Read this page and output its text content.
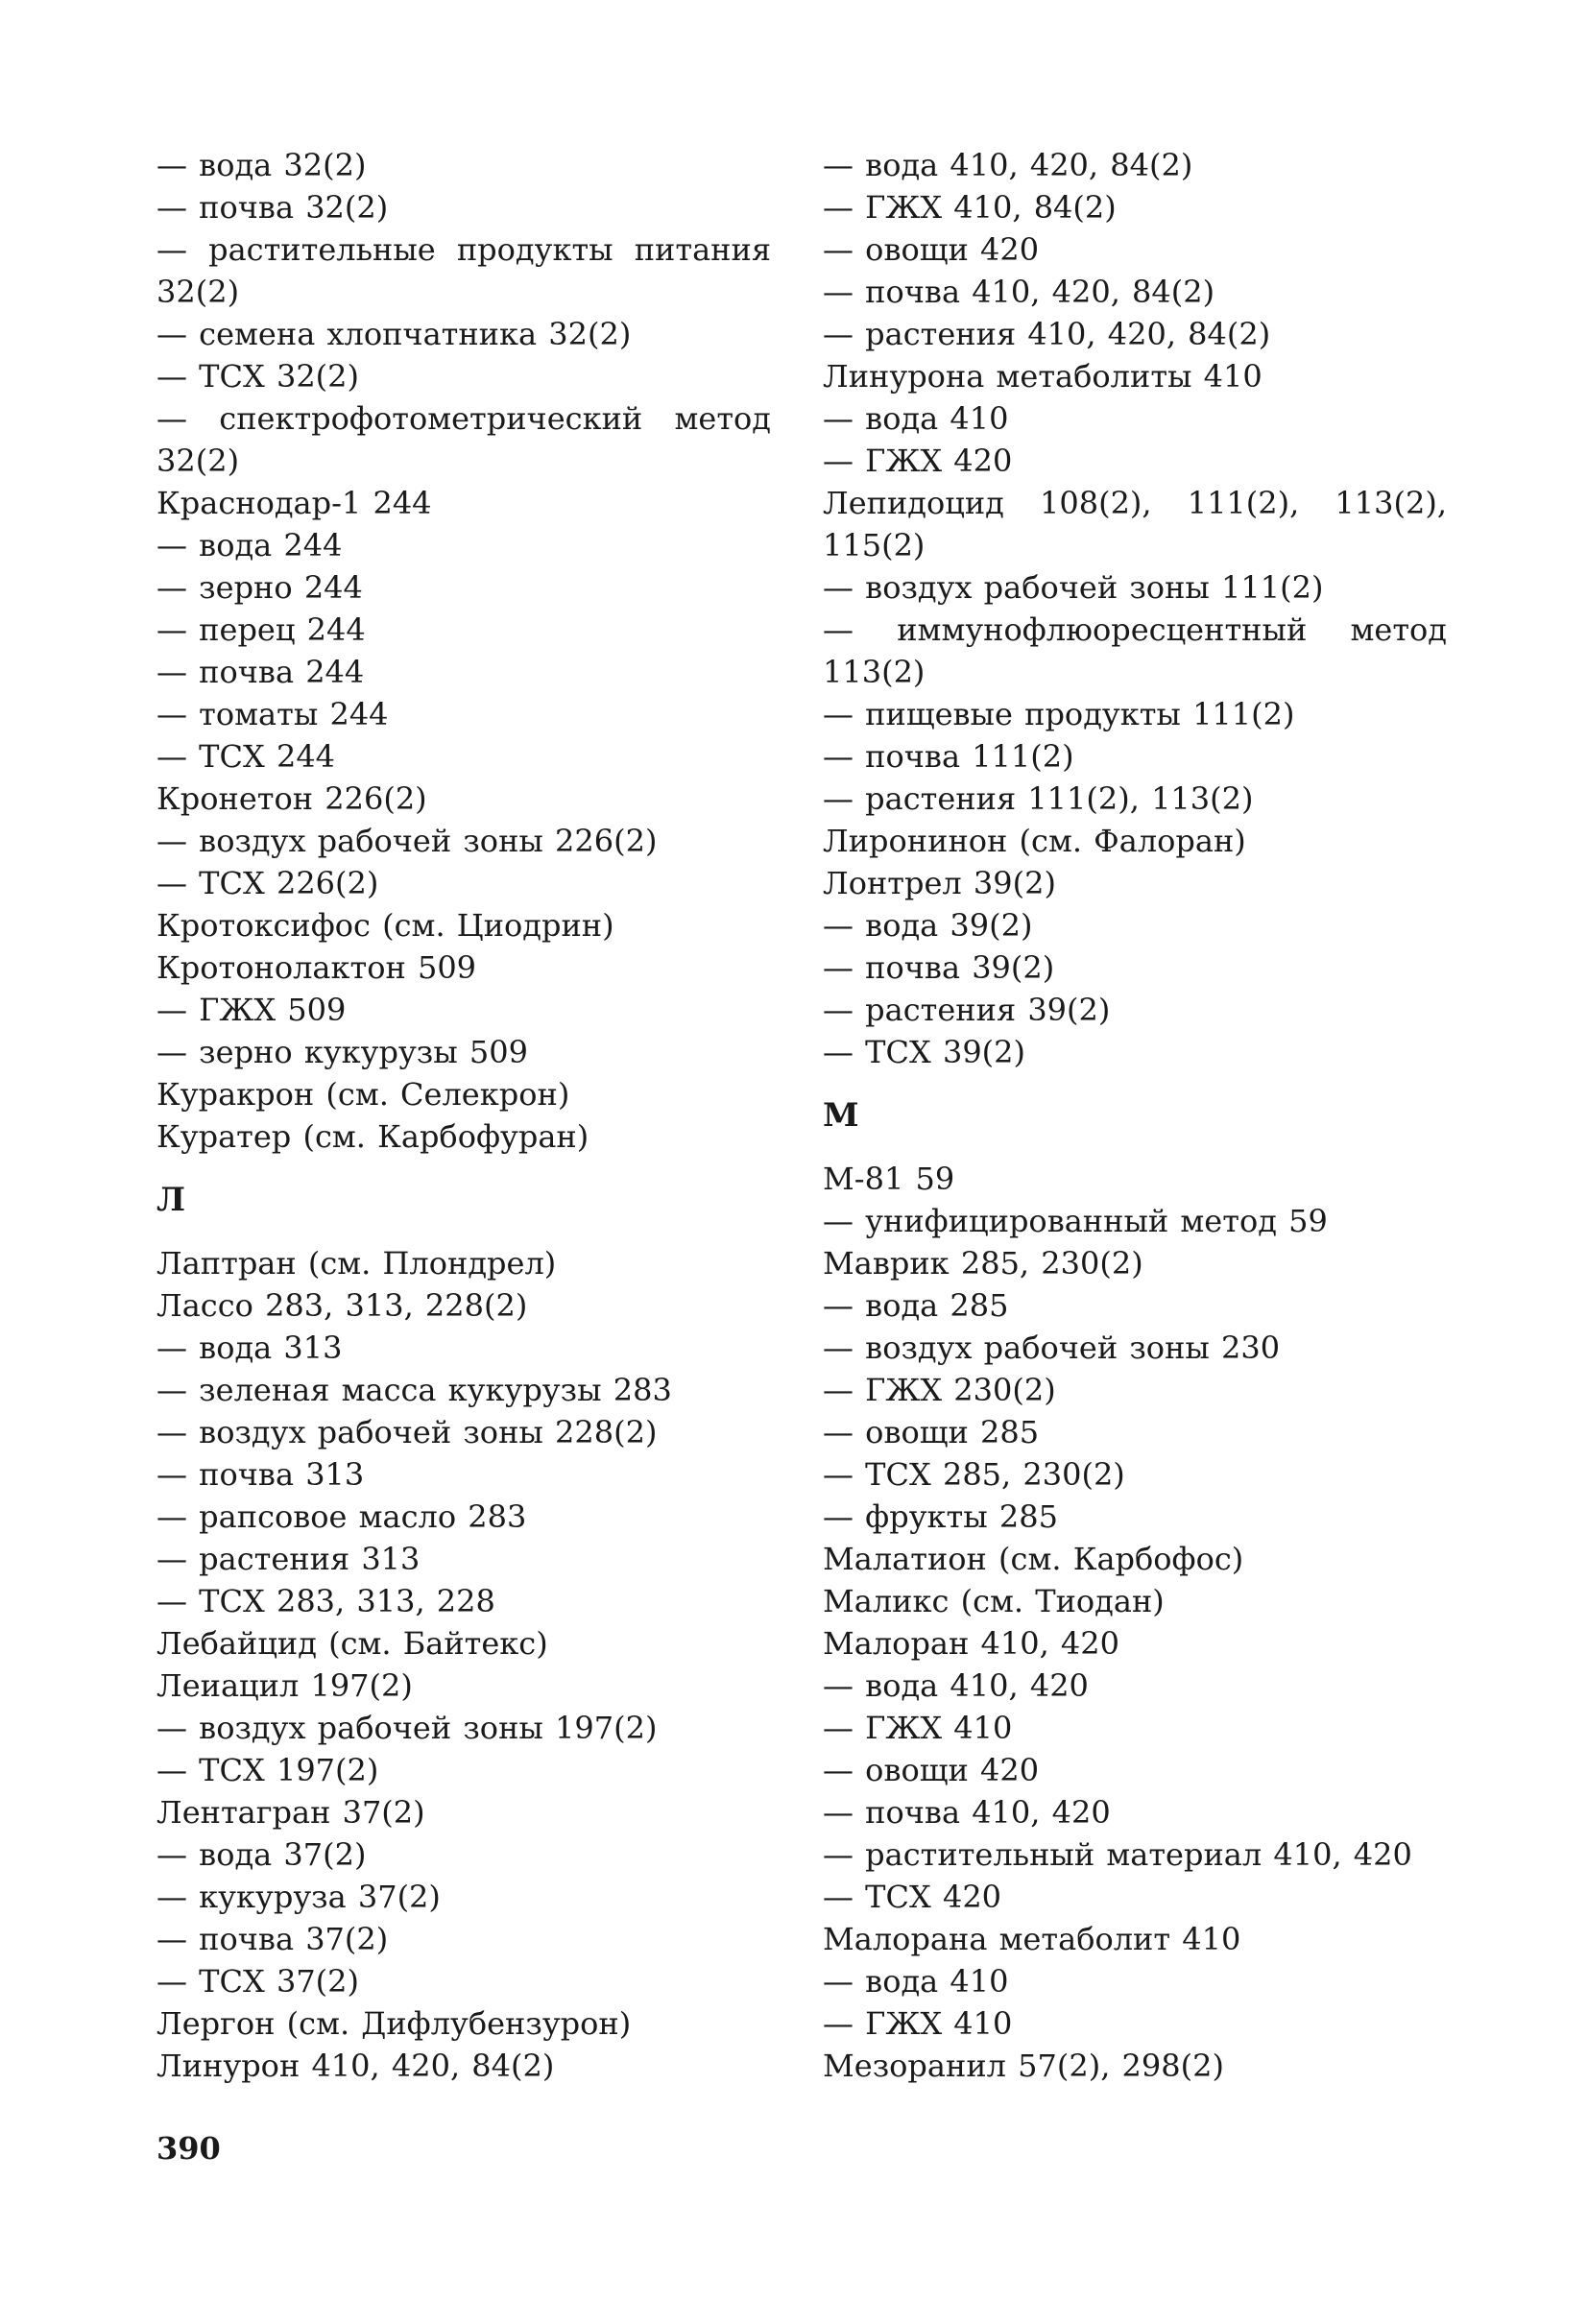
— вода 32(2)

— почва 32(2)

— растительные продукты питания 32(2)

— семена хлопчатника 32(2)

— ТСХ 32(2)

— спектрофотометрический метод 32(2)

Краснодар-1 244

— вода 244

— зерно 244

— перец 244

— почва 244

— томаты 244

— ТСХ 244

Кронетон 226(2)

— воздух рабочей зоны 226(2)

— ТСХ 226(2)

Кротоксифос (см. Циодрин)

Кротонолактон 509

— ГЖХ 509

— зерно кукурузы 509

Куракрон (см. Селекрон)

Куратер (см. Карбофуран)

Л

Лаптран (см. Плондрел)

Лассо 283, 313, 228(2)

— вода 313

— зеленая масса кукурузы 283

— воздух рабочей зоны 228(2)

— почва 313

— рапсовое масло 283

— растения 313

— ТСХ 283, 313, 228

Лебайцид (см. Байтекс)

Леиацил 197(2)

— воздух рабочей зоны 197(2)

— ТСХ 197(2)

Лентагран 37(2)

— вода 37(2)

— кукуруза 37(2)

— почва 37(2)

— ТСХ 37(2)

Лергон (см. Дифлубензурон)

Линурон 410, 420, 84(2)

— вода 410, 420, 84(2)

— ГЖХ 410, 84(2)

— овощи 420

— почва 410, 420, 84(2)

— растения 410, 420, 84(2)

Линурона метаболиты 410

— вода 410

— ГЖХ 420

Лепидоцид 108(2), 111(2), 113(2), 115(2)

— воздух рабочей зоны 111(2)

— иммунофлюоресцентный метод 113(2)

— пищевые продукты 111(2)

— почва 111(2)

— растения 111(2), 113(2)

Лиронинон (см. Фалоран)

Лонтрел 39(2)

— вода 39(2)

— почва 39(2)

— растения 39(2)

— ТСХ 39(2)

М

М-81 59

— унифицированный метод 59

Маврик 285, 230(2)

— вода 285

— воздух рабочей зоны 230

— ГЖХ 230(2)

— овощи 285

— ТСХ 285, 230(2)

— фрукты 285

Малатион (см. Карбофос)

Маликс (см. Тиодан)

Малоран 410, 420

— вода 410, 420

— ГЖХ 410

— овощи 420

— почва 410, 420

— растительный материал 410, 420

— ТСХ 420

Малорана метаболит 410

— вода 410

— ГЖХ 410

Мезоранил 57(2), 298(2)

390
